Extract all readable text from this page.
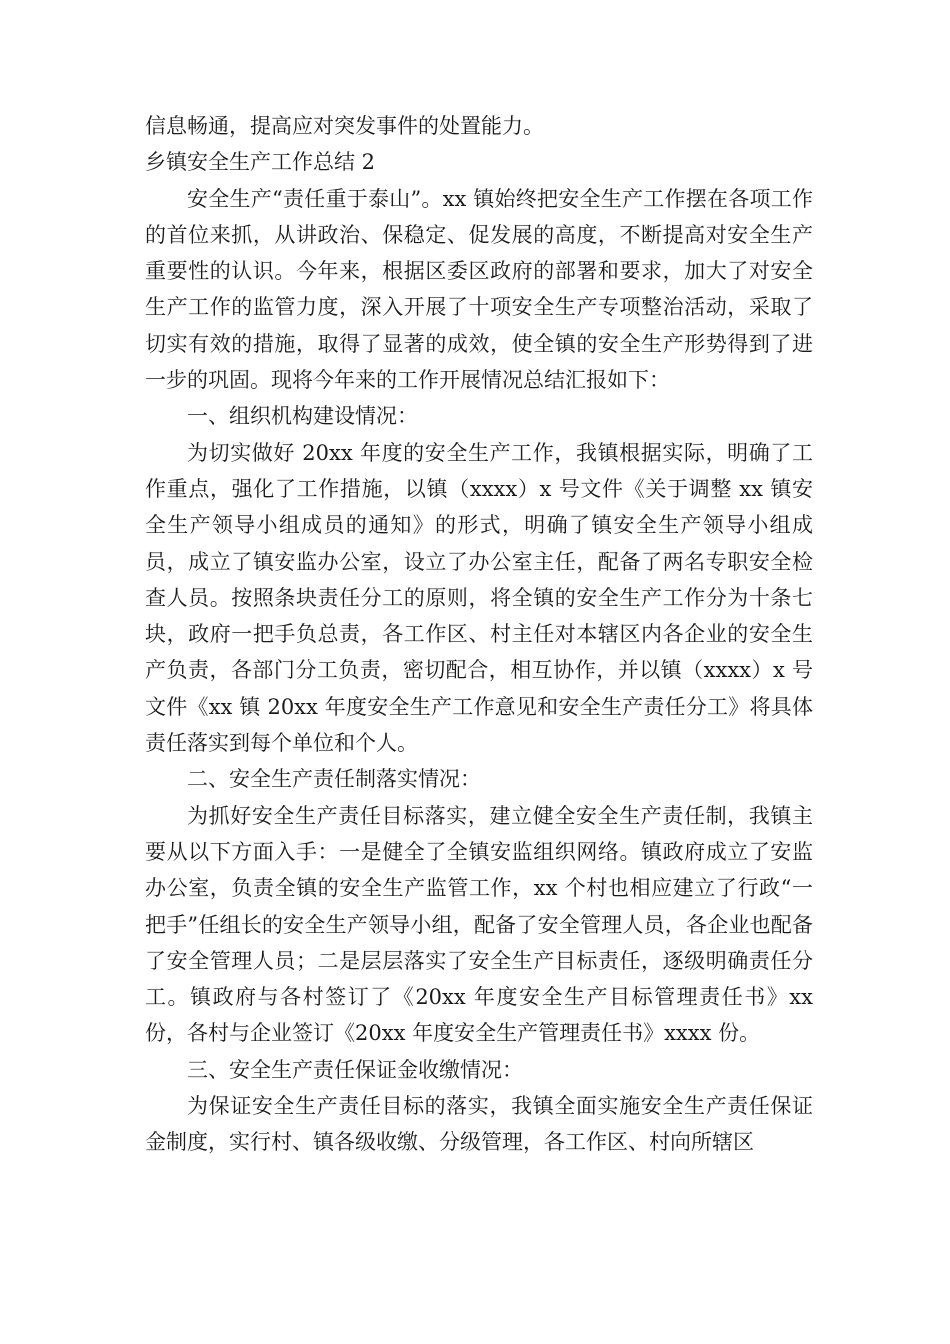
信息畅通，提高应对突发事件的处置能力。

乡镇安全生产工作总结 2

安全生产“责任重于泰山”。xx 镇始终把安全生产工作摆在各项工作的首位来抓，从讲政治、保稳定、促发展的高度，不断提高对安全生产重要性的认识。今年来，根据区委区政府的部署和要求，加大了对安全生产工作的监管力度，深入开展了十项安全生产专项整治活动，采取了切实有效的措施，取得了显著的成效，使全镇的安全生产形势得到了进一步的巩固。现将今年来的工作开展情况总结汇报如下：

一、组织机构建设情况：

为切实做好 20xx 年度的安全生产工作，我镇根据实际，明确了工作重点，强化了工作措施，以镇（xxxx）x 号文件《关于调整 xx 镇安全生产领导小组成员的通知》的形式，明确了镇安全生产领导小组成员，成立了镇安监办公室，设立了办公室主任，配备了两名专职安全检查人员。按照条块责任分工的原则，将全镇的安全生产工作分为十条七块，政府一把手负总责，各工作区、村主任对本辖区内各企业的安全生产负责，各部门分工负责，密切配合，相互协作，并以镇（xxxx）x 号文件《xx 镇 20xx 年度安全生产工作意见和安全生产责任分工》将具体责任落实到每个单位和个人。

二、安全生产责任制落实情况：

为抓好安全生产责任目标落实，建立健全安全生产责任制，我镇主要从以下方面入手：一是健全了全镇安监组织网络。镇政府成立了安监办公室，负责全镇的安全生产监管工作，xx 个村也相应建立了行政“一把手”任组长的安全生产领导小组，配备了安全管理人员，各企业也配备了安全管理人员；二是层层落实了安全生产目标责任，逐级明确责任分工。镇政府与各村签订了《20xx 年度安全生产目标管理责任书》xx 份，各村与企业签订《20xx 年度安全生产管理责任书》xxxx 份。

三、安全生产责任保证金收缴情况：

为保证安全生产责任目标的落实，我镇全面实施安全生产责任保证金制度，实行村、镇各级收缴、分级管理，各工作区、村向所辖区
